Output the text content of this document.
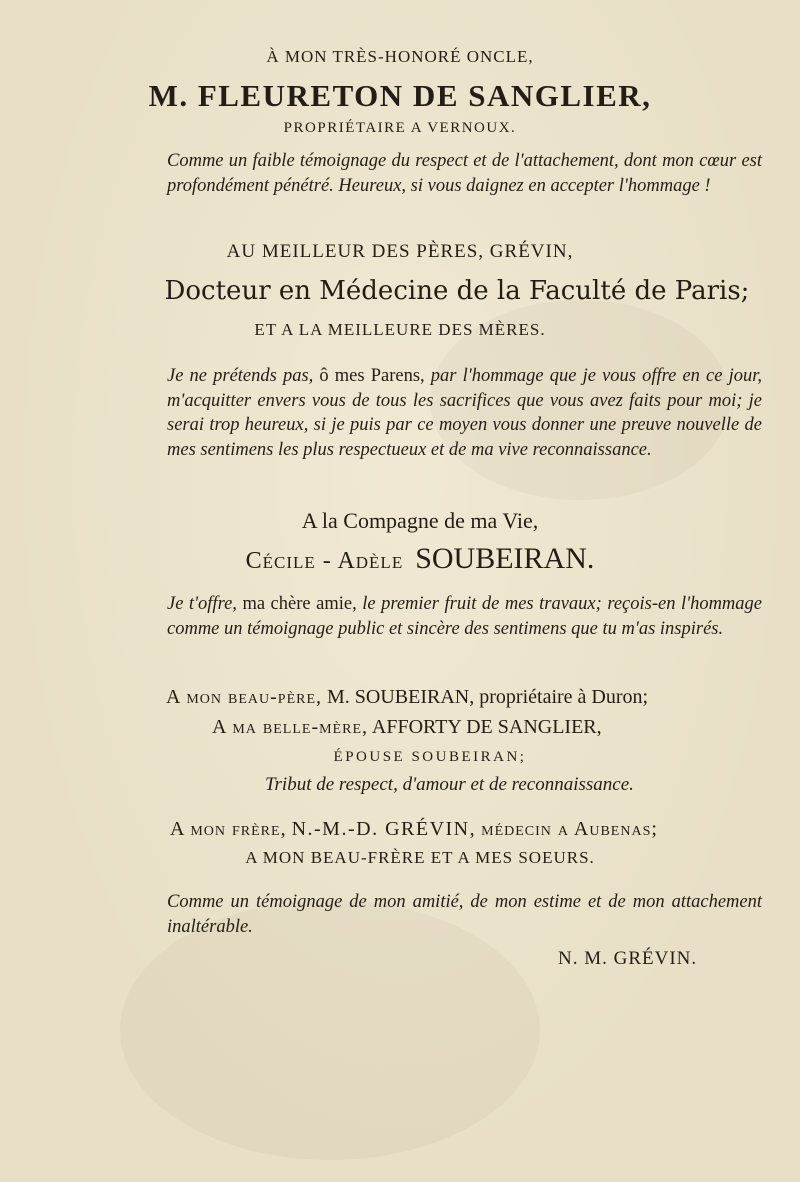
À MON TRÈS-HONORÉ ONCLE,
M. FLEURETON DE SANGLIER,
PROPRIÉTAIRE A VERNOUX.
Comme un faible témoignage du respect et de l'attachement, dont mon cœur est profondément pénétré. Heureux, si vous daignez en accepter l'hommage !
AU MEILLEUR DES PÈRES, GRÉVIN,
Docteur en Médecine de la Faculté de Paris;
ET A LA MEILLEURE DES MÈRES.
Je ne prétends pas, ô mes Parens, par l'hommage que je vous offre en ce jour, m'acquitter envers vous de tous les sacrifices que vous avez faits pour moi; je serai trop heureux, si je puis par ce moyen vous donner une preuve nouvelle de mes sentimens les plus respectueux et de ma vive reconnaissance.
A la Compagne de ma Vie,
Cécile - Adèle SOUBEIRAN.
Je t'offre, ma chère amie, le premier fruit de mes travaux; reçois-en l'hommage comme un témoignage public et sincère des sentimens que tu m'as inspirés.
A mon beau-père, M. SOUBEIRAN, propriétaire à Duron;
A ma belle-mère, AFFORTY DE SANGLIER,
ÉPOUSE SOUBEIRAN;
Tribut de respect, d'amour et de reconnaissance.
A mon frère, N.-M.-D. GRÉVIN, médecin a Aubenas;
A MON BEAU-FRÈRE ET A MES SOEURS.
Comme un témoignage de mon amitié, de mon estime et de mon attachement inaltérable.
N. M. GRÉVIN.
